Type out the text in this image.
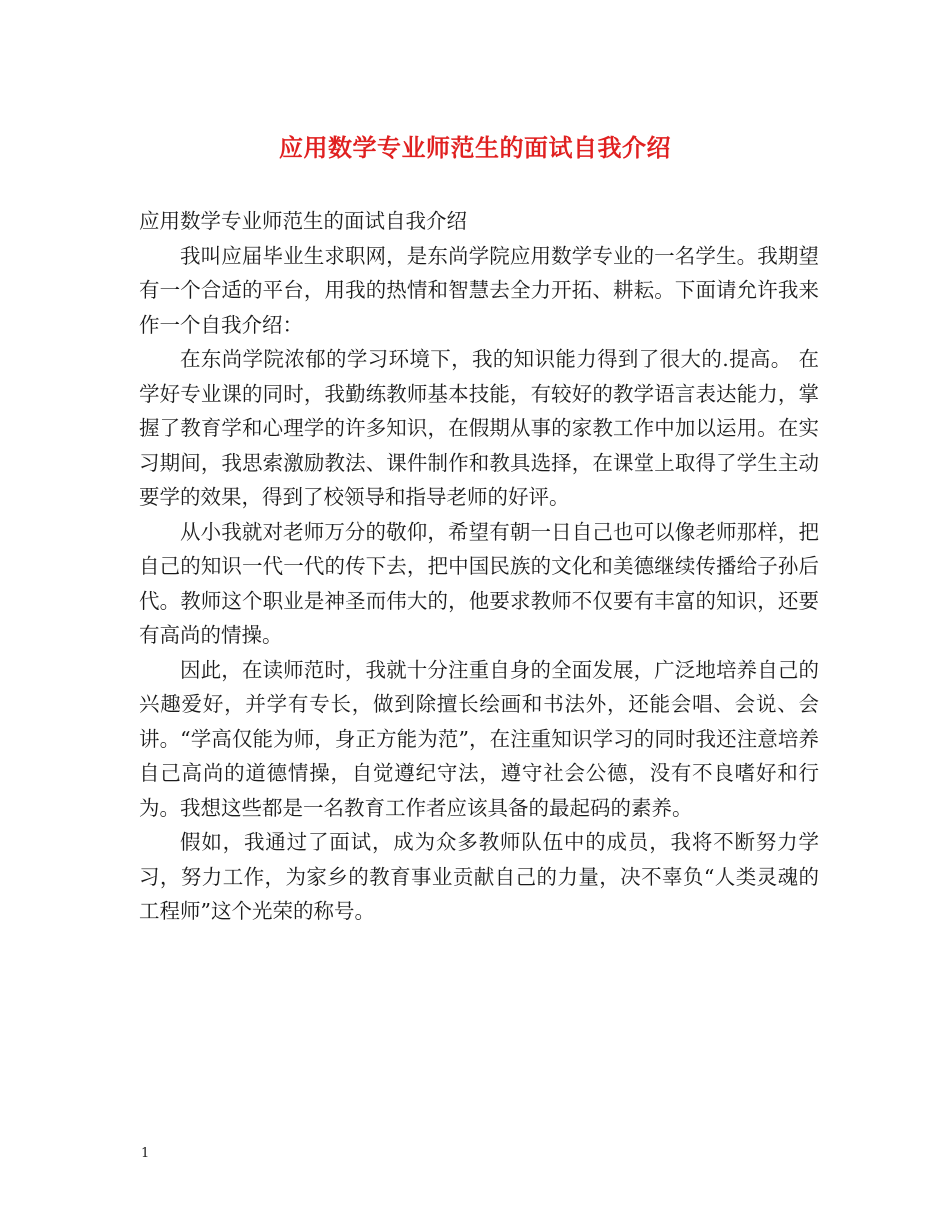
应用数学专业师范生的面试自我介绍

应用数学专业师范生的面试自我介绍

我叫应届毕业生求职网，是东尚学院应用数学专业的一名学生。我期望有一个合适的平台，用我的热情和智慧去全力开拓、耕耘。下面请允许我来作一个自我介绍：

在东尚学院浓郁的学习环境下，我的知识能力得到了很大的.提高。 在学好专业课的同时，我勤练教师基本技能，有较好的教学语言表达能力，掌握了教育学和心理学的许多知识，在假期从事的家教工作中加以运用。在实习期间，我思索激励教法、课件制作和教具选择，在课堂上取得了学生主动要学的效果，得到了校领导和指导老师的好评。

从小我就对老师万分的敬仰，希望有朝一日自己也可以像老师那样，把自己的知识一代一代的传下去，把中国民族的文化和美德继续传播给子孙后代。教师这个职业是神圣而伟大的，他要求教师不仅要有丰富的知识，还要有高尚的情操。

因此，在读师范时，我就十分注重自身的全面发展，广泛地培养自己的兴趣爱好，并学有专长，做到除擅长绘画和书法外，还能会唱、会说、会讲。“学高仅能为师，身正方能为范”，在注重知识学习的同时我还注意培养自己高尚的道德情操，自觉遵纪守法，遵守社会公德，没有不良嗜好和行为。我想这些都是一名教育工作者应该具备的最起码的素养。

假如，我通过了面试，成为众多教师队伍中的成员，我将不断努力学习，努力工作，为家乡的教育事业贡献自己的力量，决不辜负“人类灵魂的工程师”这个光荣的称号。

1
